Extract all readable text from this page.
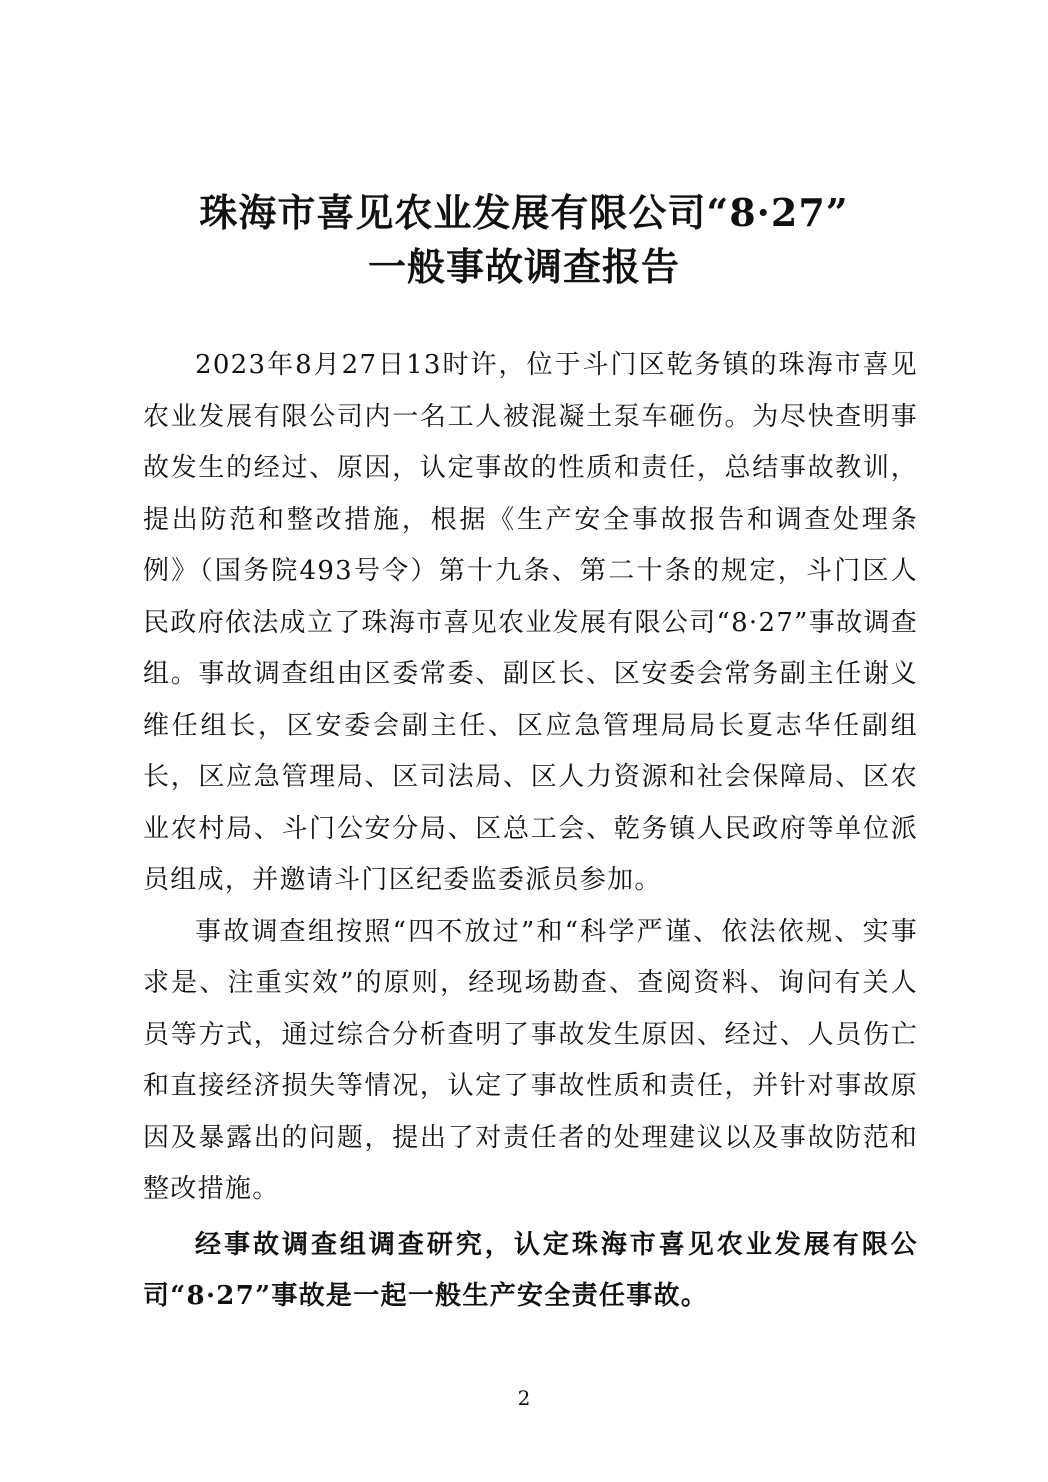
珠海市喜见农业发展有限公司“8·27”
一般事故调查报告

2023年8月27日13时许，位于斗门区乾务镇的珠海市喜见农业发展有限公司内一名工人被混凝土泵车砸伤。为尽快查明事故发生的经过、原因，认定事故的性质和责任，总结事故教训，提出防范和整改措施，根据《生产安全事故报告和调查处理条例》（国务院493号令）第十九条、第二十条的规定，斗门区人民政府依法成立了珠海市喜见农业发展有限公司“8·27”事故调查组。事故调查组由区委常委、副区长、区安委会常务副主任谢义维任组长，区安委会副主任、区应急管理局局长夏志华任副组长，区应急管理局、区司法局、区人力资源和社会保障局、区农业农村局、斗门公安分局、区总工会、乾务镇人民政府等单位派员组成，并邀请斗门区纪委监委派员参加。

事故调查组按照“四不放过”和“科学严谨、依法依规、实事求是、注重实效”的原则，经现场勘查、查阅资料、询问有关人员等方式，通过综合分析查明了事故发生原因、经过、人员伤亡和直接经济损失等情况，认定了事故性质和责任，并针对事故原因及暴露出的问题，提出了对责任者的处理建议以及事故防范和整改措施。

经事故调查组调查研究，认定珠海市喜见农业发展有限公司“8·27”事故是一起一般生产安全责任事故。

2
